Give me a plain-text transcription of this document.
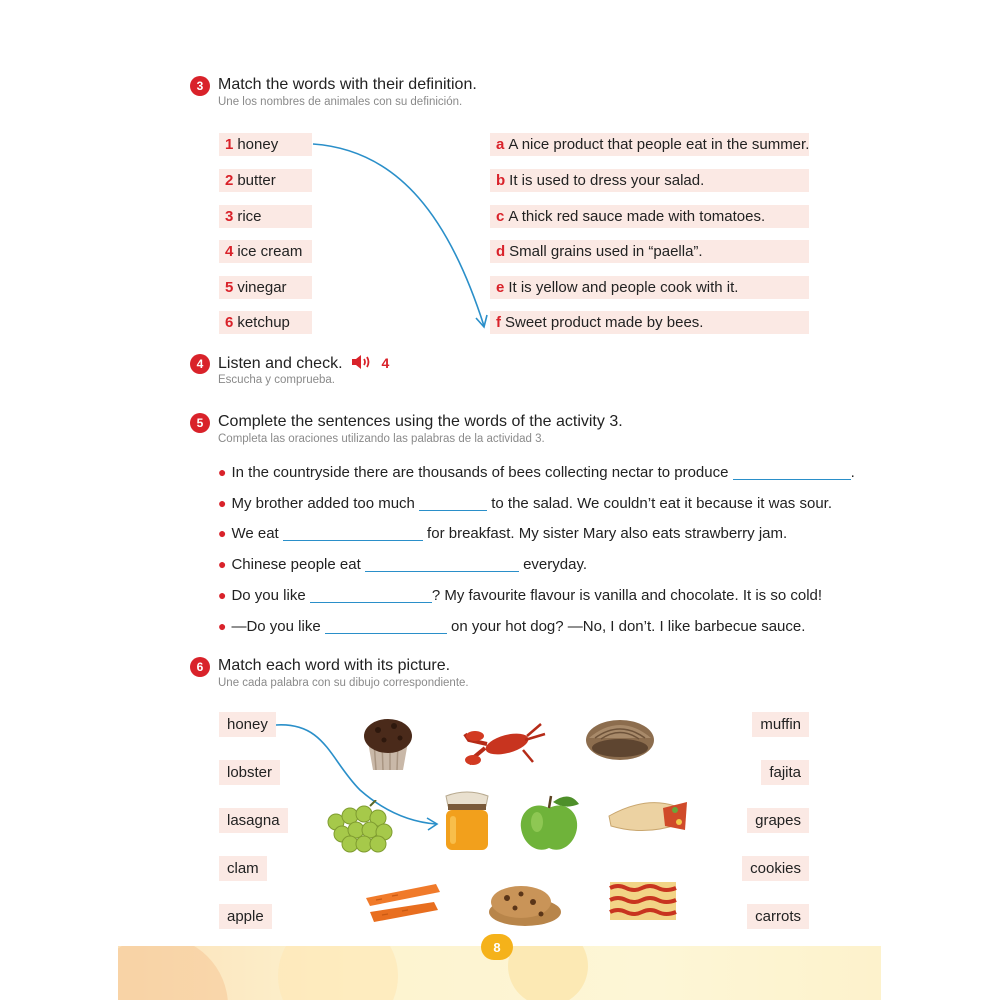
3 Match the words with their definition.
Une los nombres de animales con su definición.
1 honey
2 butter
3 rice
4 ice cream
5 vinegar
6 ketchup
a A nice product that people eat in the summer.
b It is used to dress your salad.
c A thick red sauce made with tomatoes.
d Small grains used in “paella”.
e It is yellow and people cook with it.
f Sweet product made by bees.
4 Listen and check.	4
Escucha y comprueba.
5 Complete the sentences using the words of the activity 3.
Completa las oraciones utilizando las palabras de la actividad 3.
● In the countryside there are thousands of bees collecting nectar to produce	.
● My brother added too much	to the salad. We couldn’t eat it because it was sour.
● We eat	for breakfast. My sister Mary also eats strawberry jam.
● Chinese people eat	everyday.
● Do you like	? My favourite flavour is vanilla and chocolate. It is so cold!
● —Do you like	on your hot dog? —No, I don’t. I like barbecue sauce.
6 Match each word with its picture.
Une cada palabra con su dibujo correspondiente.
honey
lobster
lasagna
clam
apple
muffin
fajita
grapes
cookies
carrots
8
